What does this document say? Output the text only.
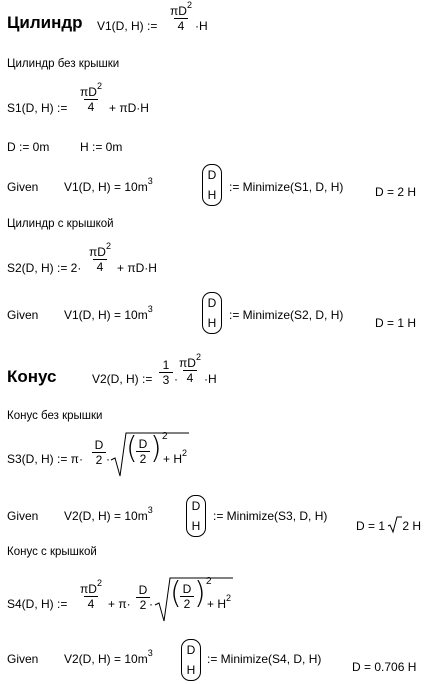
Цилиндр V1(D, H) :=
$\pi D^2$
4 ·H
Цилиндр без крышки
S1(D, H) :=
$\pi D^2$
4	+ πD·H
D := 0m	H := 0m
Given V1(D, $H) = 10m^3$	D
H
:= Minimize(S1, D, H)	D = 2 H
Цилиндр с крышкой
S2(D, H) := 2·
$\pi D^2$
4	+ πD·H
Given V1(D, $H) = 10m^3$	D
H
:= Minimize(S2, D, H)
D = 1 H
Конус	V2(D, H) :=
1
3 ·
$\pi D^2$
4 ·H
Конус без крышки
S3(D, H) := π·
D
2 · ( D
2 ) 2
+ $H^2$
Given V2(D, $H) = 10m^3$	D
H
:= Minimize(S3, D, H)
D = 1 2 H
Конус с крышкой
S4(D, H) :=
$\pi D^2$
4	+ π·
D
2 · ( D
2 ) 2
+ $H^2$
Given V2(D, $H) = 10m^3$	D
H
:= Minimize(S4, D, H)
D = 0.706 H
